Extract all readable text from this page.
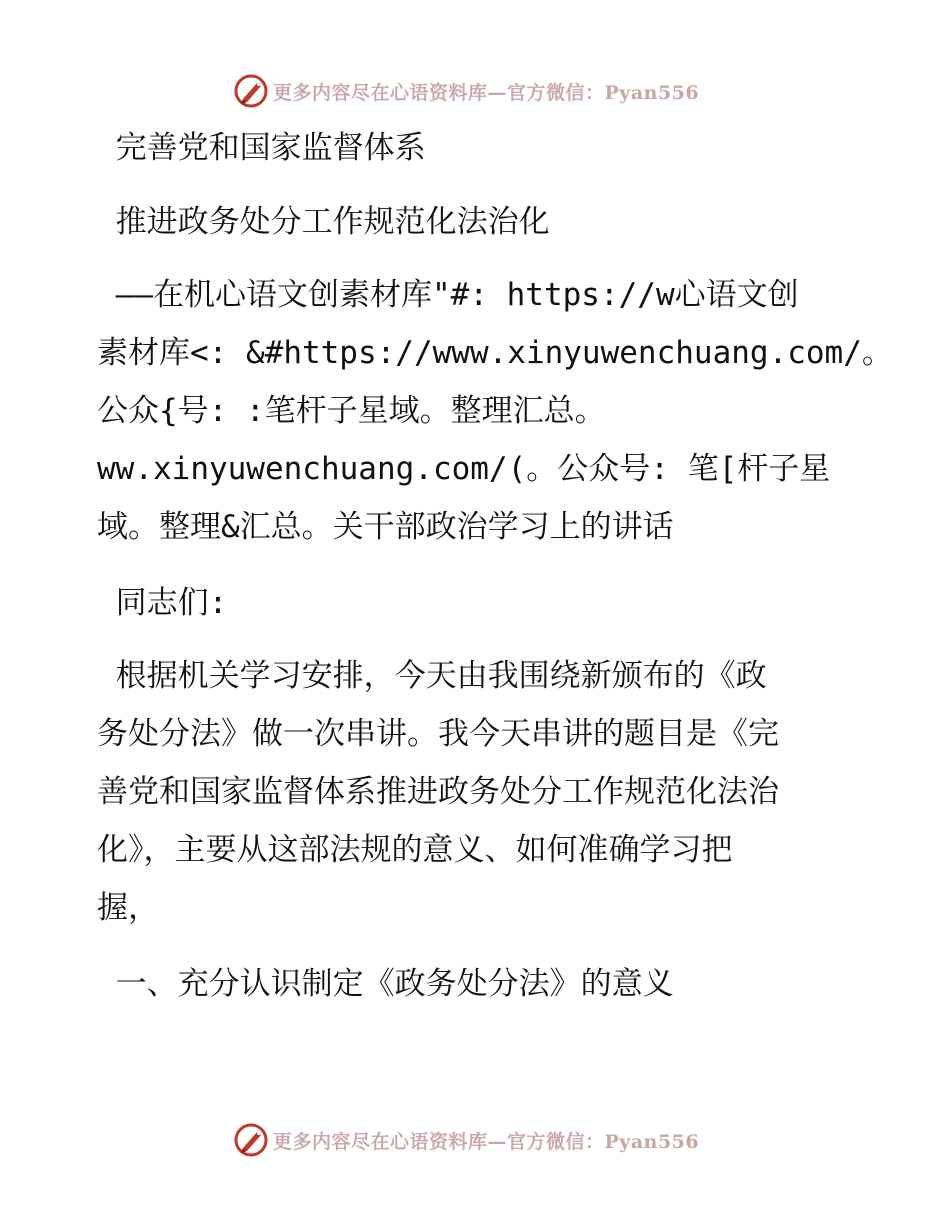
更多内容尽在心语资料库—官方微信：Pyan556

完善党和国家监督体系

推进政务处分工作规范化法治化

——在机心语文创素材库"#: https://w心语文创
素材库<: &#https://www.xinyuwenchuang.com/。
公众{号: :笔杆子星域。整理汇总。
ww.xinyuwenchuang.com/(。公众号: 笔[杆子星
域。整理&汇总。关干部政治学习上的讲话

同志们:

根据机关学习安排，今天由我围绕新颁布的《政
务处分法》做一次串讲。我今天串讲的题目是《完
善党和国家监督体系推进政务处分工作规范化法治
化》，主要从这部法规的意义、如何准确学习把
握，

一、充分认识制定《政务处分法》的意义

更多内容尽在心语资料库—官方微信：Pyan556
